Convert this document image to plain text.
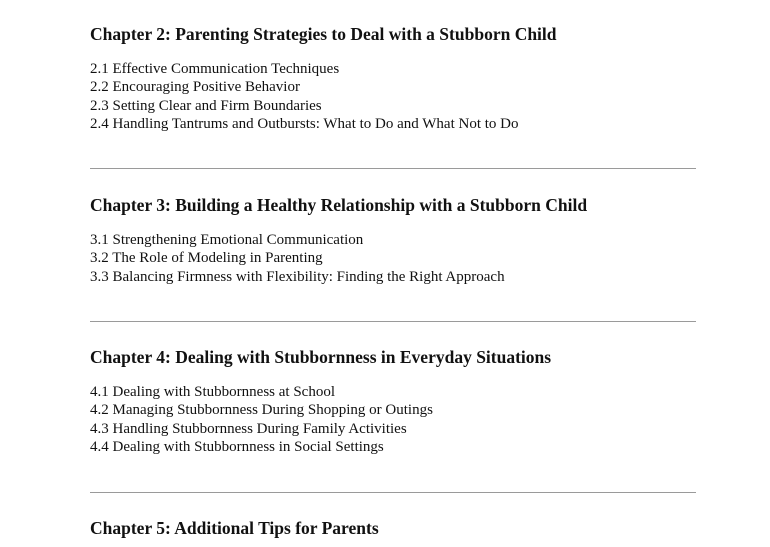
Chapter 2: Parenting Strategies to Deal with a Stubborn Child
2.1 Effective Communication Techniques
2.2 Encouraging Positive Behavior
2.3 Setting Clear and Firm Boundaries
2.4 Handling Tantrums and Outbursts: What to Do and What Not to Do
Chapter 3: Building a Healthy Relationship with a Stubborn Child
3.1 Strengthening Emotional Communication
3.2 The Role of Modeling in Parenting
3.3 Balancing Firmness with Flexibility: Finding the Right Approach
Chapter 4: Dealing with Stubbornness in Everyday Situations
4.1 Dealing with Stubbornness at School
4.2 Managing Stubbornness During Shopping or Outings
4.3 Handling Stubbornness During Family Activities
4.4 Dealing with Stubbornness in Social Settings
Chapter 5: Additional Tips for Parents
